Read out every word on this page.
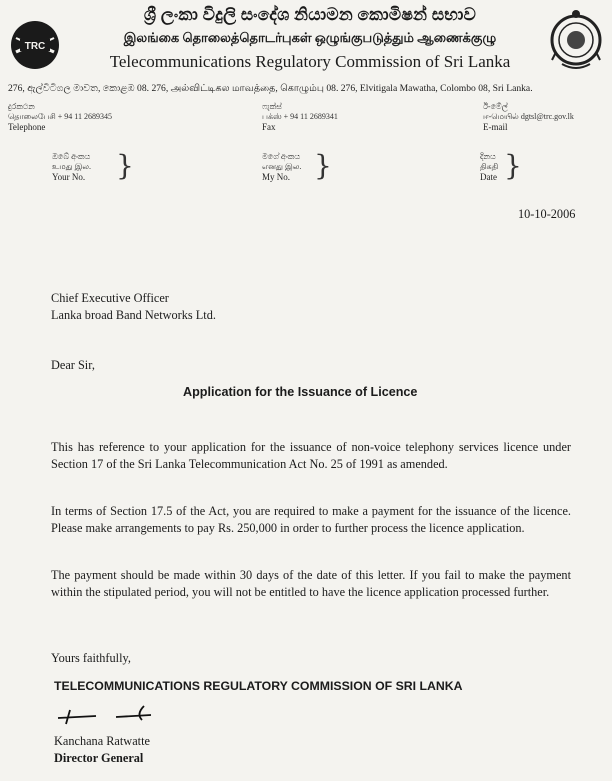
TRC
ශ්‍රී ලංකා විදුලි සංදේශ නියාමන කොමිෂන් සභාව
இலங்கை தொலைத்தொடர்புகள் ஒழுங்குபடுத்தும் ஆணைக்குழு
Telecommunications Regulatory Commission of Sri Lanka
276, ඇල්විටිගල මාවත, කොළඹ 08. 276, அல்விட்டிகல மாவத்தை, கொழும்பு 08. 276, Elvitigala Mawatha, Colombo 08, Sri Lanka.
දුරකථන
தொலைபேசி + 94 11 2689345
Telephone
ෆැක්ස්
பக்ஸ் + 94 11 2689341
Fax
ඊ-මේල්
ஈ-மெயில் dgtsl@trc.gov.lk
E-mail
ඔබේ අංකය
உமது இல.
Your No. }	මගේ අංකය
எனது இல.
My No. }	දිනය
திகதி
Date }
10-10-2006
Chief Executive Officer
Lanka broad Band Networks Ltd.
Dear Sir,
Application for the Issuance of Licence
This has reference to your application for the issuance of non-voice telephony services licence under Section 17 of the Sri Lanka Telecommunication Act No. 25 of 1991 as amended.
In terms of Section 17.5 of the Act, you are required to make a payment for the issuance of the licence. Please make arrangements to pay Rs. 250,000 in order to further process the licence application.
The payment should be made within 30 days of the date of this letter. If you fail to make the payment within the stipulated period, you will not be entitled to have the licence application processed further.
Yours faithfully,
TELECOMMUNICATIONS REGULATORY COMMISSION OF SRI LANKA
Kanchana Ratwatte
Director General
